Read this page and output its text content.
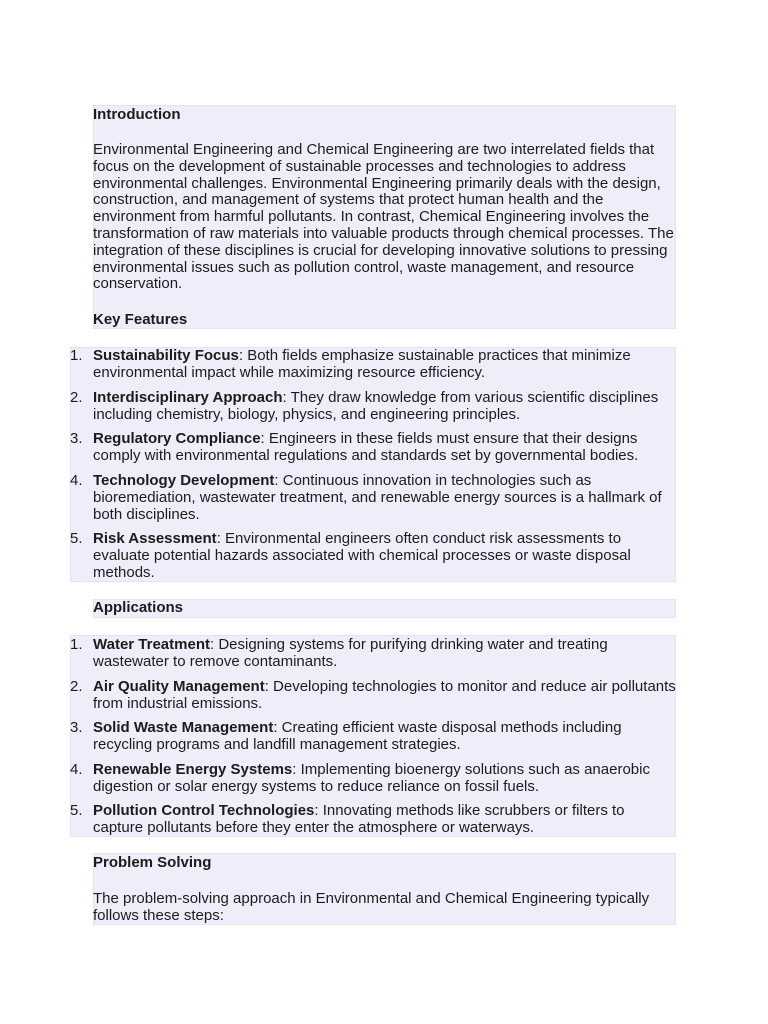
Introduction
Environmental Engineering and Chemical Engineering are two interrelated fields that focus on the development of sustainable processes and technologies to address environmental challenges. Environmental Engineering primarily deals with the design, construction, and management of systems that protect human health and the environment from harmful pollutants. In contrast, Chemical Engineering involves the transformation of raw materials into valuable products through chemical processes. The integration of these disciplines is crucial for developing innovative solutions to pressing environmental issues such as pollution control, waste management, and resource conservation.
Key Features
1. Sustainability Focus: Both fields emphasize sustainable practices that minimize environmental impact while maximizing resource efficiency.
2. Interdisciplinary Approach: They draw knowledge from various scientific disciplines including chemistry, biology, physics, and engineering principles.
3. Regulatory Compliance: Engineers in these fields must ensure that their designs comply with environmental regulations and standards set by governmental bodies.
4. Technology Development: Continuous innovation in technologies such as bioremediation, wastewater treatment, and renewable energy sources is a hallmark of both disciplines.
5. Risk Assessment: Environmental engineers often conduct risk assessments to evaluate potential hazards associated with chemical processes or waste disposal methods.
Applications
1. Water Treatment: Designing systems for purifying drinking water and treating wastewater to remove contaminants.
2. Air Quality Management: Developing technologies to monitor and reduce air pollutants from industrial emissions.
3. Solid Waste Management: Creating efficient waste disposal methods including recycling programs and landfill management strategies.
4. Renewable Energy Systems: Implementing bioenergy solutions such as anaerobic digestion or solar energy systems to reduce reliance on fossil fuels.
5. Pollution Control Technologies: Innovating methods like scrubbers or filters to capture pollutants before they enter the atmosphere or waterways.
Problem Solving
The problem-solving approach in Environmental and Chemical Engineering typically follows these steps:
